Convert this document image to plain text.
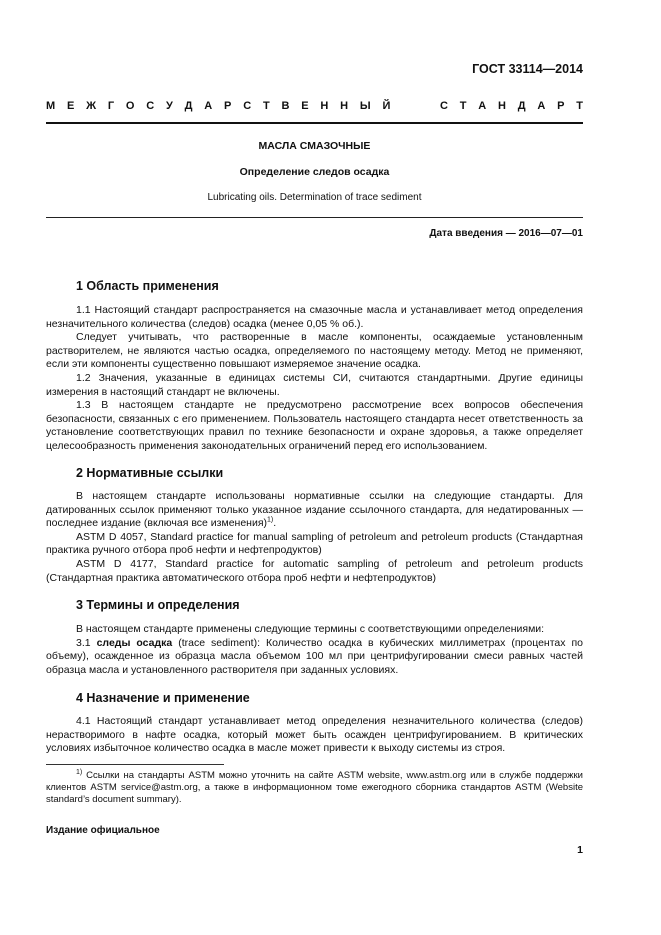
ГОСТ 33114—2014
М Е Ж Г О С У Д А Р С Т В Е Н Н Ы Й	С Т А Н Д А Р Т
МАСЛА СМАЗОЧНЫЕ
Определение следов осадка
Lubricating oils. Determination of trace sediment
Дата введения — 2016—07—01
1 Область применения

1.1 Настоящий стандарт распространяется на смазочные масла и устанавливает метод определения незначительного количества (следов) осадка (менее 0,05 % об.).

Следует учитывать, что растворенные в масле компоненты, осаждаемые установленным растворителем, не являются частью осадка, определяемого по настоящему методу. Метод не применяют, если эти компоненты существенно повышают измеряемое значение осадка.

1.2 Значения, указанные в единицах системы СИ, считаются стандартными. Другие единицы измерения в настоящий стандарт не включены.

1.3 В настоящем стандарте не предусмотрено рассмотрение всех вопросов обеспечения безопасности, связанных с его применением. Пользователь настоящего стандарта несет ответственность за установление соответствующих правил по технике безопасности и охране здоровья, а также определяет целесообразность применения законодательных ограничений перед его использованием.

2 Нормативные ссылки

В настоящем стандарте использованы нормативные ссылки на следующие стандарты. Для датированных ссылок применяют только указанное издание ссылочного стандарта, для недатированных — последнее издание (включая все изменения)$^{1)}$.

ASTM D 4057, Standard practice for manual sampling of petroleum and petroleum products (Стандартная практика ручного отбора проб нефти и нефтепродуктов)

ASTM D 4177, Standard practice for automatic sampling of petroleum and petroleum products (Стандартная практика автоматического отбора проб нефти и нефтепродуктов)

3 Термины и определения

В настоящем стандарте применены следующие термины с соответствующими определениями:

3.1 следы осадка (trace sediment): Количество осадка в кубических миллиметрах (процентах по объему), осажденное из образца масла объемом 100 мл при центрифугировании смеси равных частей образца масла и установленного растворителя при заданных условиях.

4 Назначение и применение

4.1 Настоящий стандарт устанавливает метод определения незначительного количества (следов) нерастворимого в нафте осадка, который может быть осажден центрифугированием. В критических условиях избыточное количество осадка в масле может привести к выходу системы из строя.

$^{1)}$ Ссылки на стандарты ASTM можно уточнить на сайте ASTM website, www.astm.org или в службе поддержки клиентов ASTM service@astm.org, а также в информационном томе ежегодного сборника стандартов ASTM (Website standard’s document summary).

Издание официальное
1
